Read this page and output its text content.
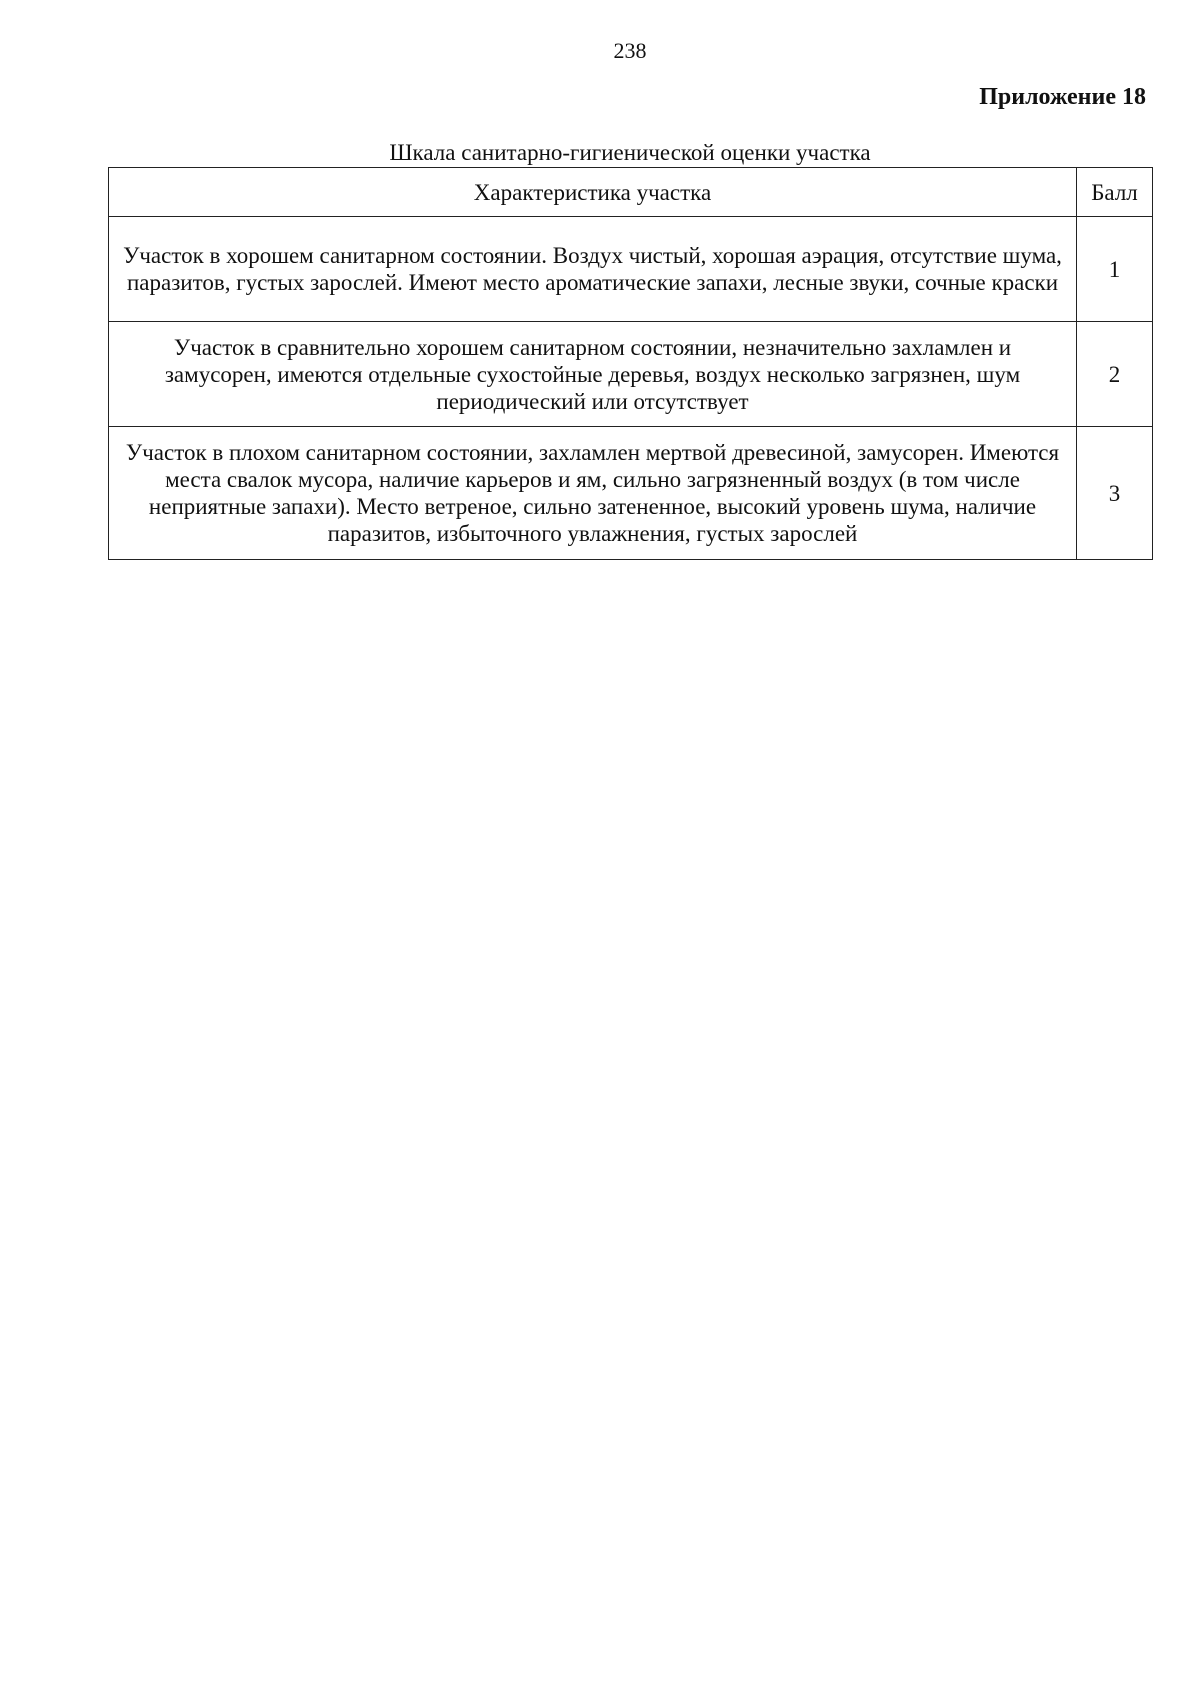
238
Приложение 18
Шкала санитарно-гигиенической оценки участка
Характеристика участка	Балл
Участок в хорошем санитарном состоянии. Воздух чистый, хорошая аэрация, отсутствие шума, паразитов, густых зарослей. Имеют место ароматические запахи, лесные звуки, сочные краски	1
Участок в сравнительно хорошем санитарном состоянии, незначительно захламлен и замусорен, имеются отдельные сухостойные деревья, воздух несколько загрязнен, шум периодический или отсутствует	2
Участок в плохом санитарном состоянии, захламлен мертвой древесиной, замусорен. Имеются места свалок мусора, наличие карьеров и ям, сильно загрязненный воздух (в том числе неприятные запахи). Место ветреное, сильно затененное, высокий уровень шума, наличие паразитов, избыточного увлажнения, густых зарослей	3
